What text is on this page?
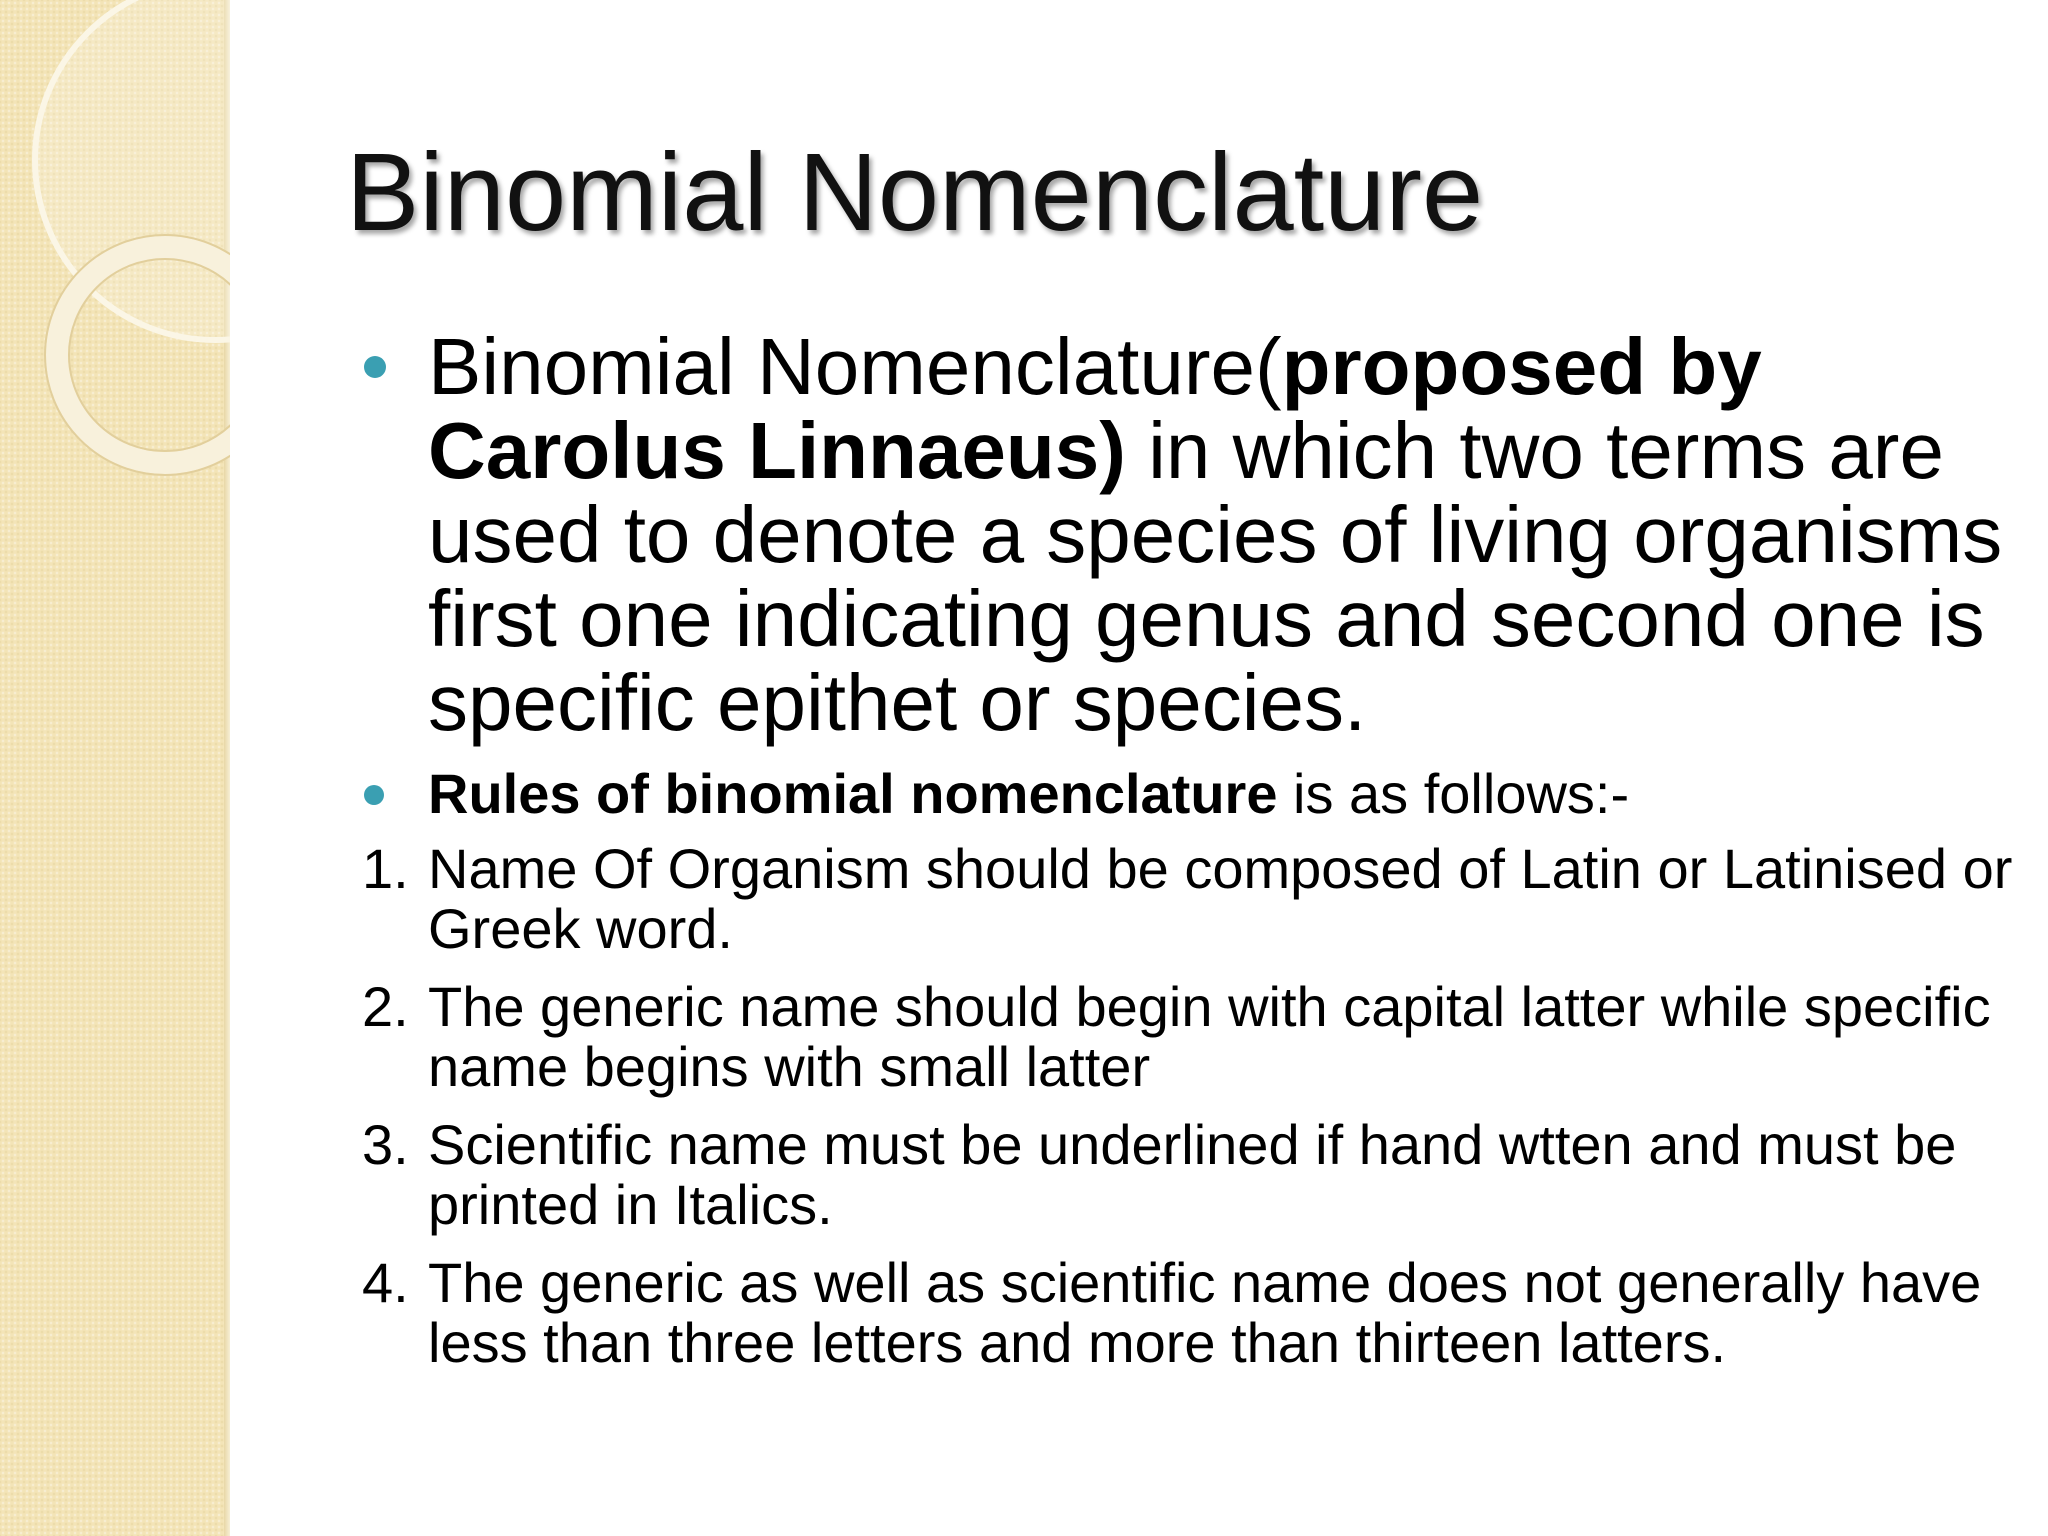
Binomial Nomenclature
Binomial Nomenclature(proposed by Carolus Linnaeus) in which two terms are used to denote a species of living organisms first one indicating genus and second one is specific epithet or species.
Rules of binomial nomenclature is as follows:-
1. Name Of Organism should be composed of Latin or Latinised or Greek word.
2. The generic name should begin with capital latter while specific name begins with small latter
3. Scientific name must be underlined if hand wtten and must be printed in Italics.
4. The generic as well as scientific name does not generally have less than three letters and more than thirteen latters.
